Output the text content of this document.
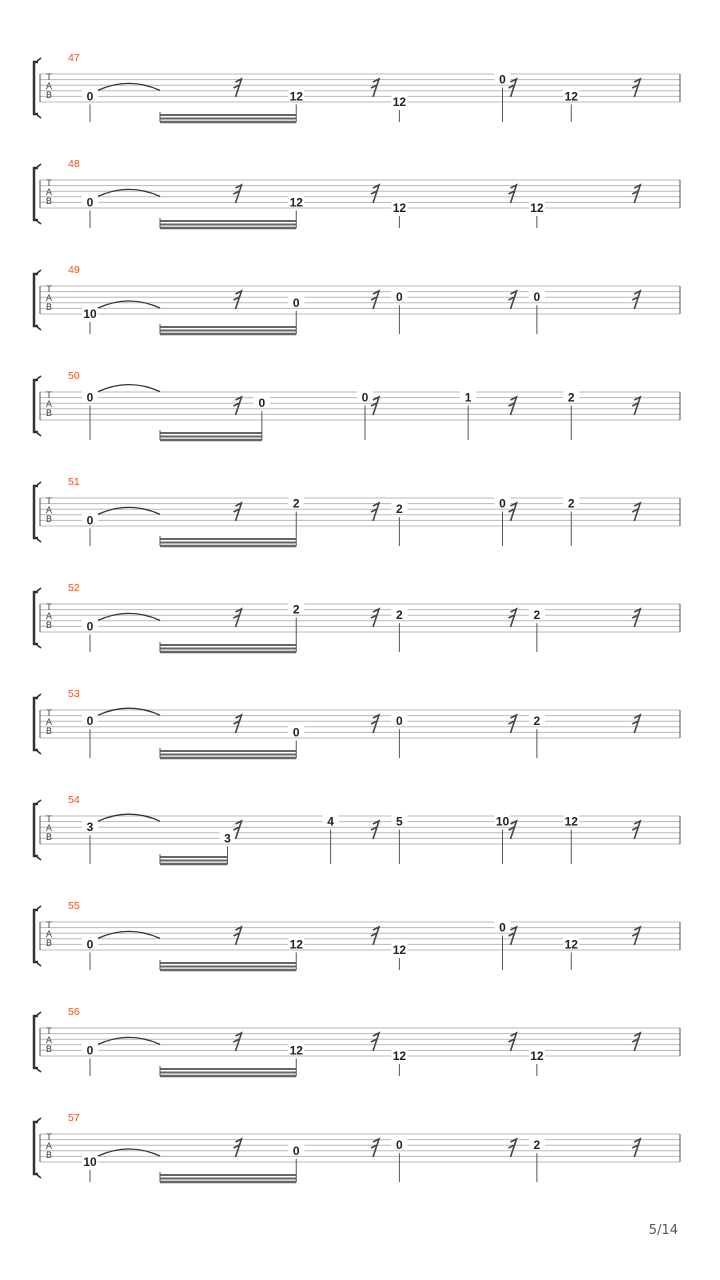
T
A
B
47
0	12	12
0
12
T
A
B
48
0	12	12	12
T
A
B
49
10
0	0	0
T
A
B
50
0	0	0	1	2
T
A
B
51
0
2	2	0	2
T
A
B
52
0
2	2	2
T
A
B
53
0
0
0	2
T
A
B
54
3
3
4	5	10	12
T
A
B
55
0	12	12
0
12
T
A
B
56
0	12	12	12
T
A
B
57
10
0	0	2
5/14
